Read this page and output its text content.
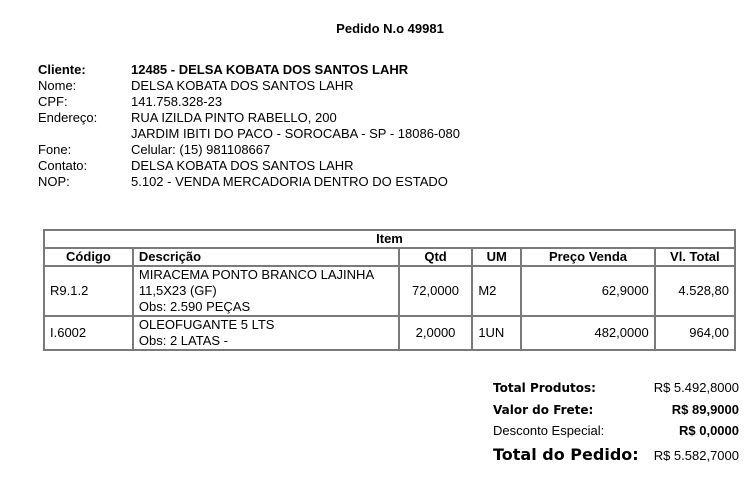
Pedido N.o 49981
Cliente:	12485 - DELSA KOBATA DOS SANTOS LAHR
Nome:	DELSA KOBATA DOS SANTOS LAHR
CPF:	141.758.328-23
Endereço:	RUA IZILDA PINTO RABELLO, 200
JARDIM IBITI DO PACO - SOROCABA - SP - 18086-080
Fone:	Celular: (15) 981108667
Contato:	DELSA KOBATA DOS SANTOS LAHR
NOP:	5.102 - VENDA MERCADORIA DENTRO DO ESTADO
Item					
Código	Descrição	Qtd	UM	Preço Venda	Vl. Total
R9.1.2	MIRACEMA PONTO BRANCO LAJINHA
11,5X23 (GF)
Obs: 2.590 PEÇAS	72,0000	M2	62,9000	4.528,80
I.6002	OLEOFUGANTE 5 LTS
Obs: 2 LATAS -	2,0000	1UN	482,0000	964,00
Total Produtos:	R$ 5.492,8000
Valor do Frete:	R$ 89,9000
Desconto Especial:	R$ 0,0000
Total do Pedido: R$ 5.582,7000
